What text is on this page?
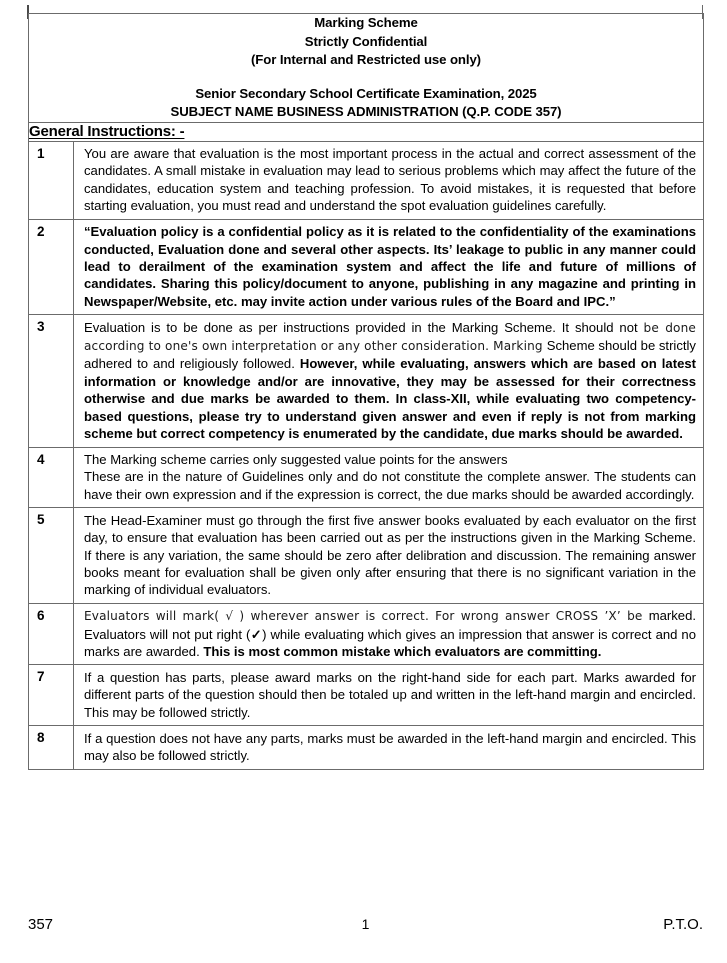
Marking Scheme
Strictly Confidential
(For Internal and Restricted use only)
Senior Secondary School Certificate Examination, 2025
SUBJECT NAME BUSINESS ADMINISTRATION (Q.P. CODE 357)	

General Instructions: -	

1	You are aware that evaluation is the most important process in the actual and correct assessment of the candidates. A small mistake in evaluation may lead to serious problems which may affect the future of the candidates, education system and teaching profession. To avoid mistakes, it is requested that before starting evaluation, you must read and understand the spot evaluation guidelines carefully.

2	“Evaluation policy is a confidential policy as it is related to the confidentiality of the examinations conducted, Evaluation done and several other aspects. Its’ leakage to public in any manner could lead to derailment of the examination system and affect the life and future of millions of candidates. Sharing this policy/document to anyone, publishing in any magazine and printing in Newspaper/Website, etc. may invite action under various rules of the Board and IPC.”

3	Evaluation is to be done as per instructions provided in the Marking Scheme. It should not be done according to one's own interpretation or any other consideration. Marking Scheme should be strictly adhered to and religiously followed. However, while evaluating, answers which are based on latest information or knowledge and/or are innovative, they may be assessed for their correctness otherwise and due marks be awarded to them. In class-XII, while evaluating two competency-based questions, please try to understand given answer and even if reply is not from marking scheme but correct competency is enumerated by the candidate, due marks should be awarded.

4	The Marking scheme carries only suggested value points for the answers

These are in the nature of Guidelines only and do not constitute the complete answer. The students can have their own expression and if the expression is correct, the due marks should be awarded accordingly.

5	The Head-Examiner must go through the first five answer books evaluated by each evaluator on the first day, to ensure that evaluation has been carried out as per the instructions given in the Marking Scheme. If there is any variation, the same should be zero after delibration and discussion. The remaining answer books meant for evaluation shall be given only after ensuring that there is no significant variation in the marking of individual evaluators.

6	Evaluators will mark( √ ) wherever answer is correct. For wrong answer CROSS ’X’ be marked. Evaluators will not put right (✓) while evaluating which gives an impression that answer is correct and no marks are awarded. This is most common mistake which evaluators are committing.

7	If a question has parts, please award marks on the right-hand side for each part. Marks awarded for different parts of the question should then be totaled up and written in the left-hand margin and encircled. This may be followed strictly.

8	If a question does not have any parts, marks must be awarded in the left-hand margin and encircled. This may also be followed strictly.

357	1	P.T.O.
